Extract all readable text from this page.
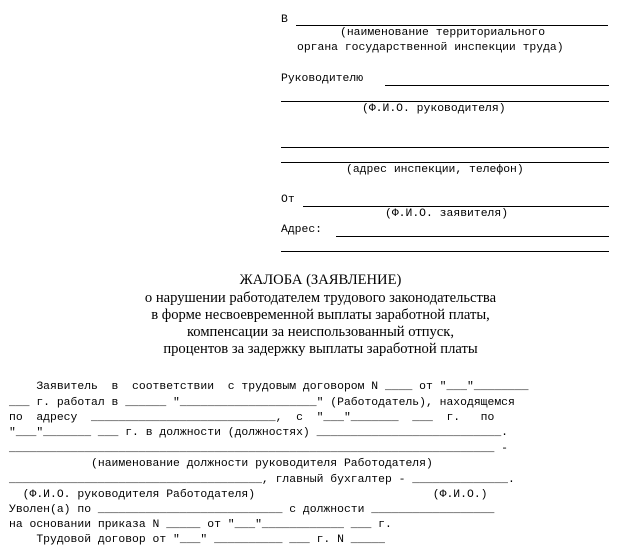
В
(наименование территориального
органа государственной инспекции труда)
Руководителю
(Ф.И.О. руководителя)
(адрес инспекции, телефон)
От
(Ф.И.О. заявителя)
Адрес:
ЖАЛОБА (ЗАЯВЛЕНИЕ)
о нарушении работодателем трудового законодательства
в форме несвоевременной выплаты заработной платы,
компенсации за неиспользованный отпуск,
процентов за задержку выплаты заработной платы
Заявитель  в  соответствии  с трудовым договором N ____ от "___"________
___ г. работал в ______ "____________________" (Работодатель), находящемся
по  адресу  ___________________________,  с  "___"_______  ___  г.   по
"___"_______ ___ г. в должности (должностях) ___________________________.
_______________________________________________________________________ -
(наименование должности руководителя Работодателя)
_____________________________________, главный бухгалтер - ______________.
(Ф.И.О. руководителя Работодателя)                          (Ф.И.О.)
Уволен(а) по ___________________________ с должности __________________
на основании приказа N _____ от "___"____________ ___ г.
Трудовой договор от "___" __________ ___ г. N _____
